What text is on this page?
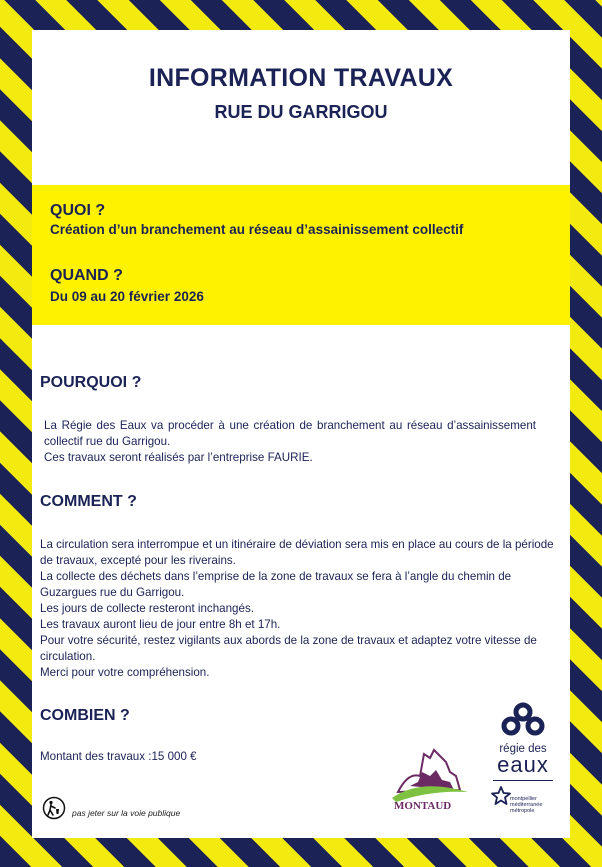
INFORMATION TRAVAUX
RUE DU GARRIGOU
QUOI ?
Création d’un branchement au réseau d’assainissement collectif
QUAND ?
Du 09 au 20 février 2026
POURQUOI ?

La Régie des Eaux va procéder à une création de branchement au réseau d’assainissement collectif rue du Garrigou.

Ces travaux seront réalisés par l’entreprise FAURIE.

COMMENT ?

La circulation sera interrompue et un itinéraire de déviation sera mis en place au cours de la période de travaux, excepté pour les riverains.

La collecte des déchets dans l’emprise de la zone de travaux se fera à l’angle du chemin de Guzargues rue du Garrigou.

Les jours de collecte resteront inchangés.

Les travaux auront lieu de jour entre 8h et 17h.

Pour votre sécurité, restez vigilants aux abords de la zone de travaux et adaptez votre vitesse de circulation.

Merci pour votre compréhension.

COMBIEN ?
Montant des travaux :15 000 €
pas jeter sur la voie publique
MONTAUD
régie des
eaux
montpellier méditerranée métropole
